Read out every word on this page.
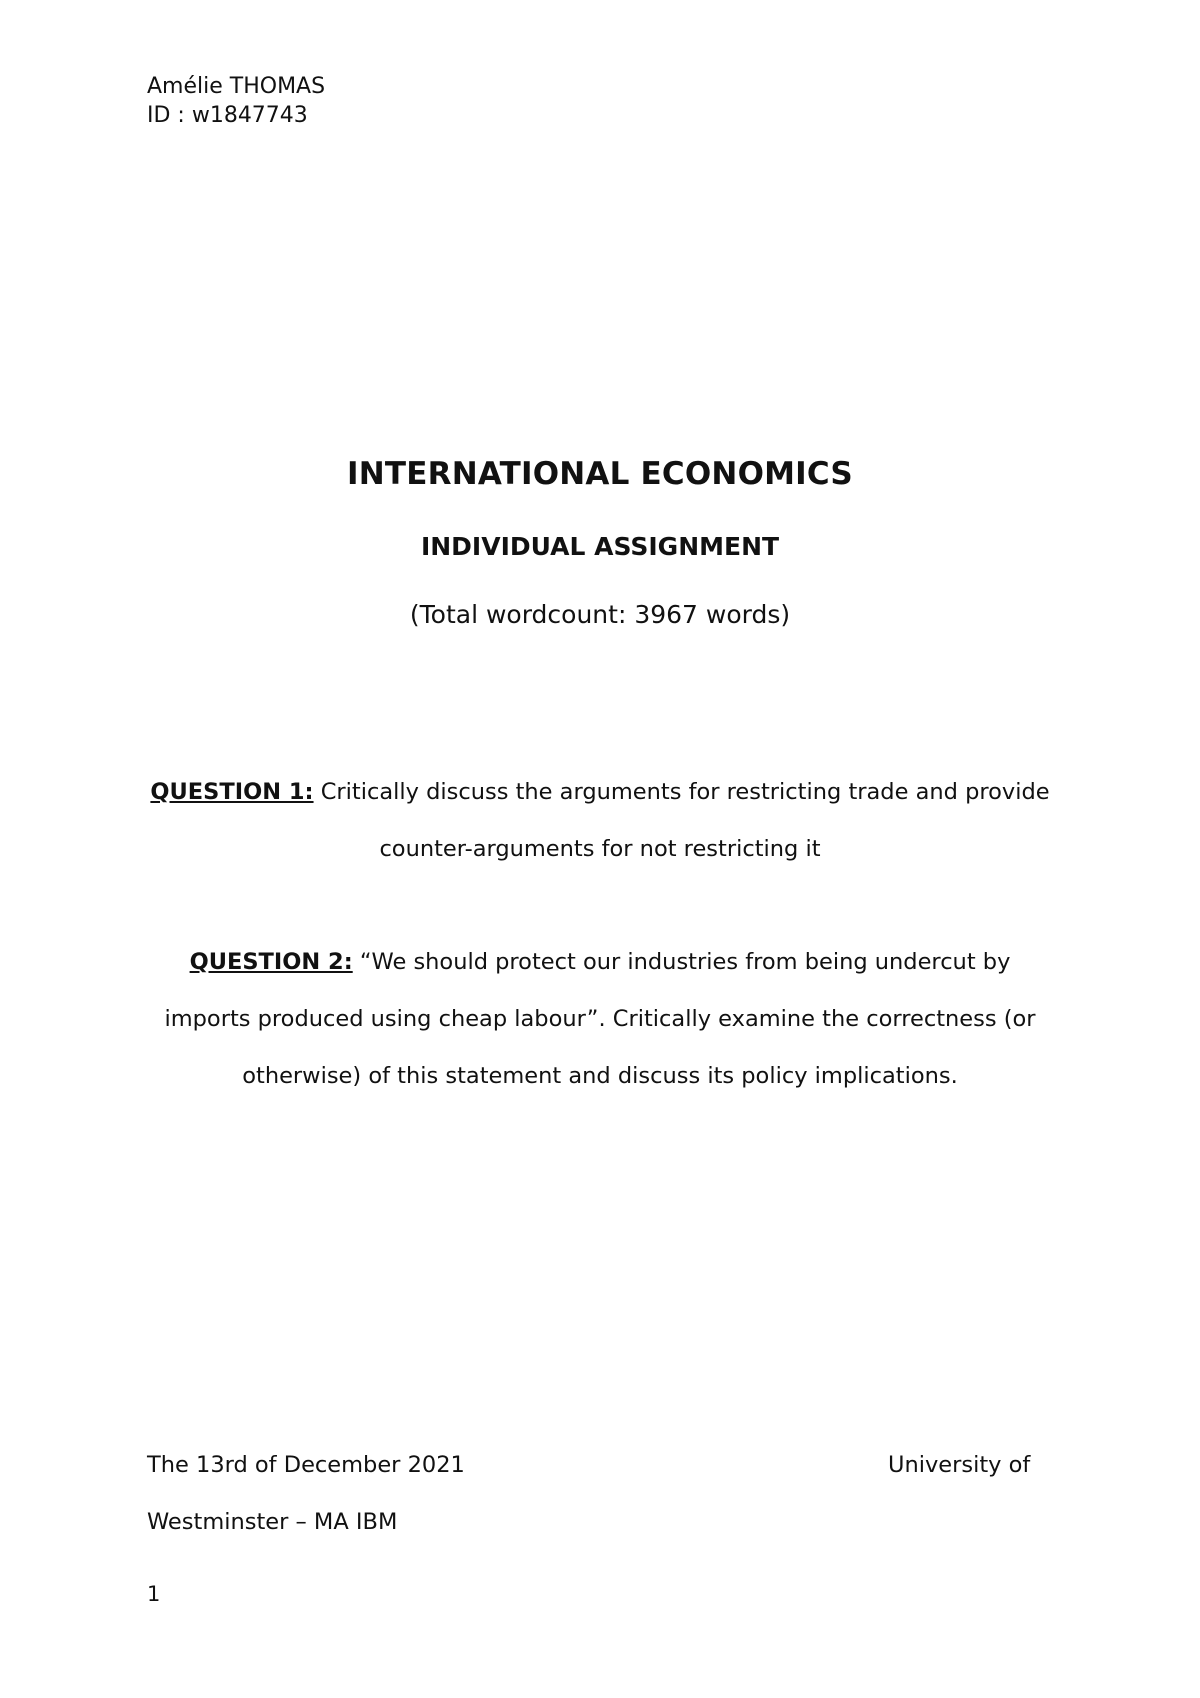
Amélie THOMAS
ID : w1847743
INTERNATIONAL ECONOMICS
INDIVIDUAL ASSIGNMENT
(Total wordcount: 3967 words)
QUESTION 1: Critically discuss the arguments for restricting trade and provide counter-arguments for not restricting it
QUESTION 2: “We should protect our industries from being undercut by imports produced using cheap labour”. Critically examine the correctness (or otherwise) of this statement and discuss its policy implications.
The 13rd of December 2021	University of
Westminster – MA IBM
1
